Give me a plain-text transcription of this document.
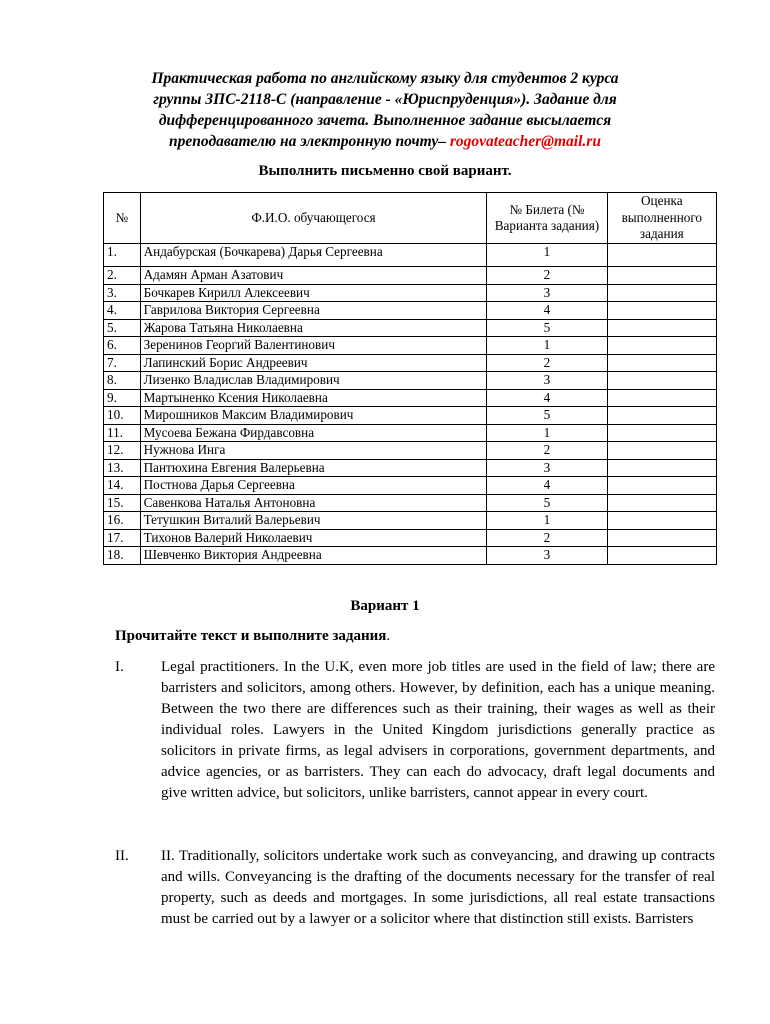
Практическая работа по английскому языку для студентов 2 курса
группы ЗПС-2118-С (направление - «Юриспруденция»). Задание для
дифференцированного зачета. Выполненное задание высылается
преподавателю на электронную почту– rogovateacher@mail.ru
Выполнить письменно свой вариант.
№	Ф.И.О. обучающегося	№ Билета (№ Варианта задания)	Оценка выполненного задания
1.	Андабурская (Бочкарева) Дарья Сергеевна	1	
2.	Адамян Арман Азатович	2	
3.	Бочкарев Кирилл Алексеевич	3	
4.	Гаврилова Виктория Сергеевна	4	
5.	Жарова Татьяна Николаевна	5	
6.	Зеренинов Георгий Валентинович	1	
7.	Лапинский Борис Андреевич	2	
8.	Лизенко Владислав Владимирович	3	
9.	Мартыненко Ксения Николаевна	4	
10.	Мирошников Максим Владимирович	5	
11.	Мусоева Бежана Фирдавсовна	1	
12.	Нужнова Инга	2	
13.	Пантюхина Евгения Валерьевна	3	
14.	Постнова Дарья Сергеевна	4	
15.	Савенкова Наталья Антоновна	5	
16.	Тетушкин Виталий Валерьевич	1	
17.	Тихонов Валерий Николаевич	2	
18.	Шевченко Виктория Андреевна	3	
Вариант 1
Прочитайте текст и выполните задания.
I.	Legal practitioners. In the U.K, even more job titles are used in the field of law; there are barristers and solicitors, among others. However, by definition, each has a unique meaning. Between the two there are differences such as their training, their wages as well as their individual roles. Lawyers in the United Kingdom jurisdictions generally practice as solicitors in private firms, as legal advisers in corporations, government departments, and advice agencies, or as barristers. They can each do advocacy, draft legal documents and give written advice, but solicitors, unlike barristers, cannot appear in every court.
II.	II. Traditionally, solicitors undertake work such as conveyancing, and drawing up contracts and wills. Conveyancing is the drafting of the documents necessary for the transfer of real property, such as deeds and mortgages. In some jurisdictions, all real estate transactions must be carried out by a lawyer or a solicitor where that distinction still exists. Barristers
